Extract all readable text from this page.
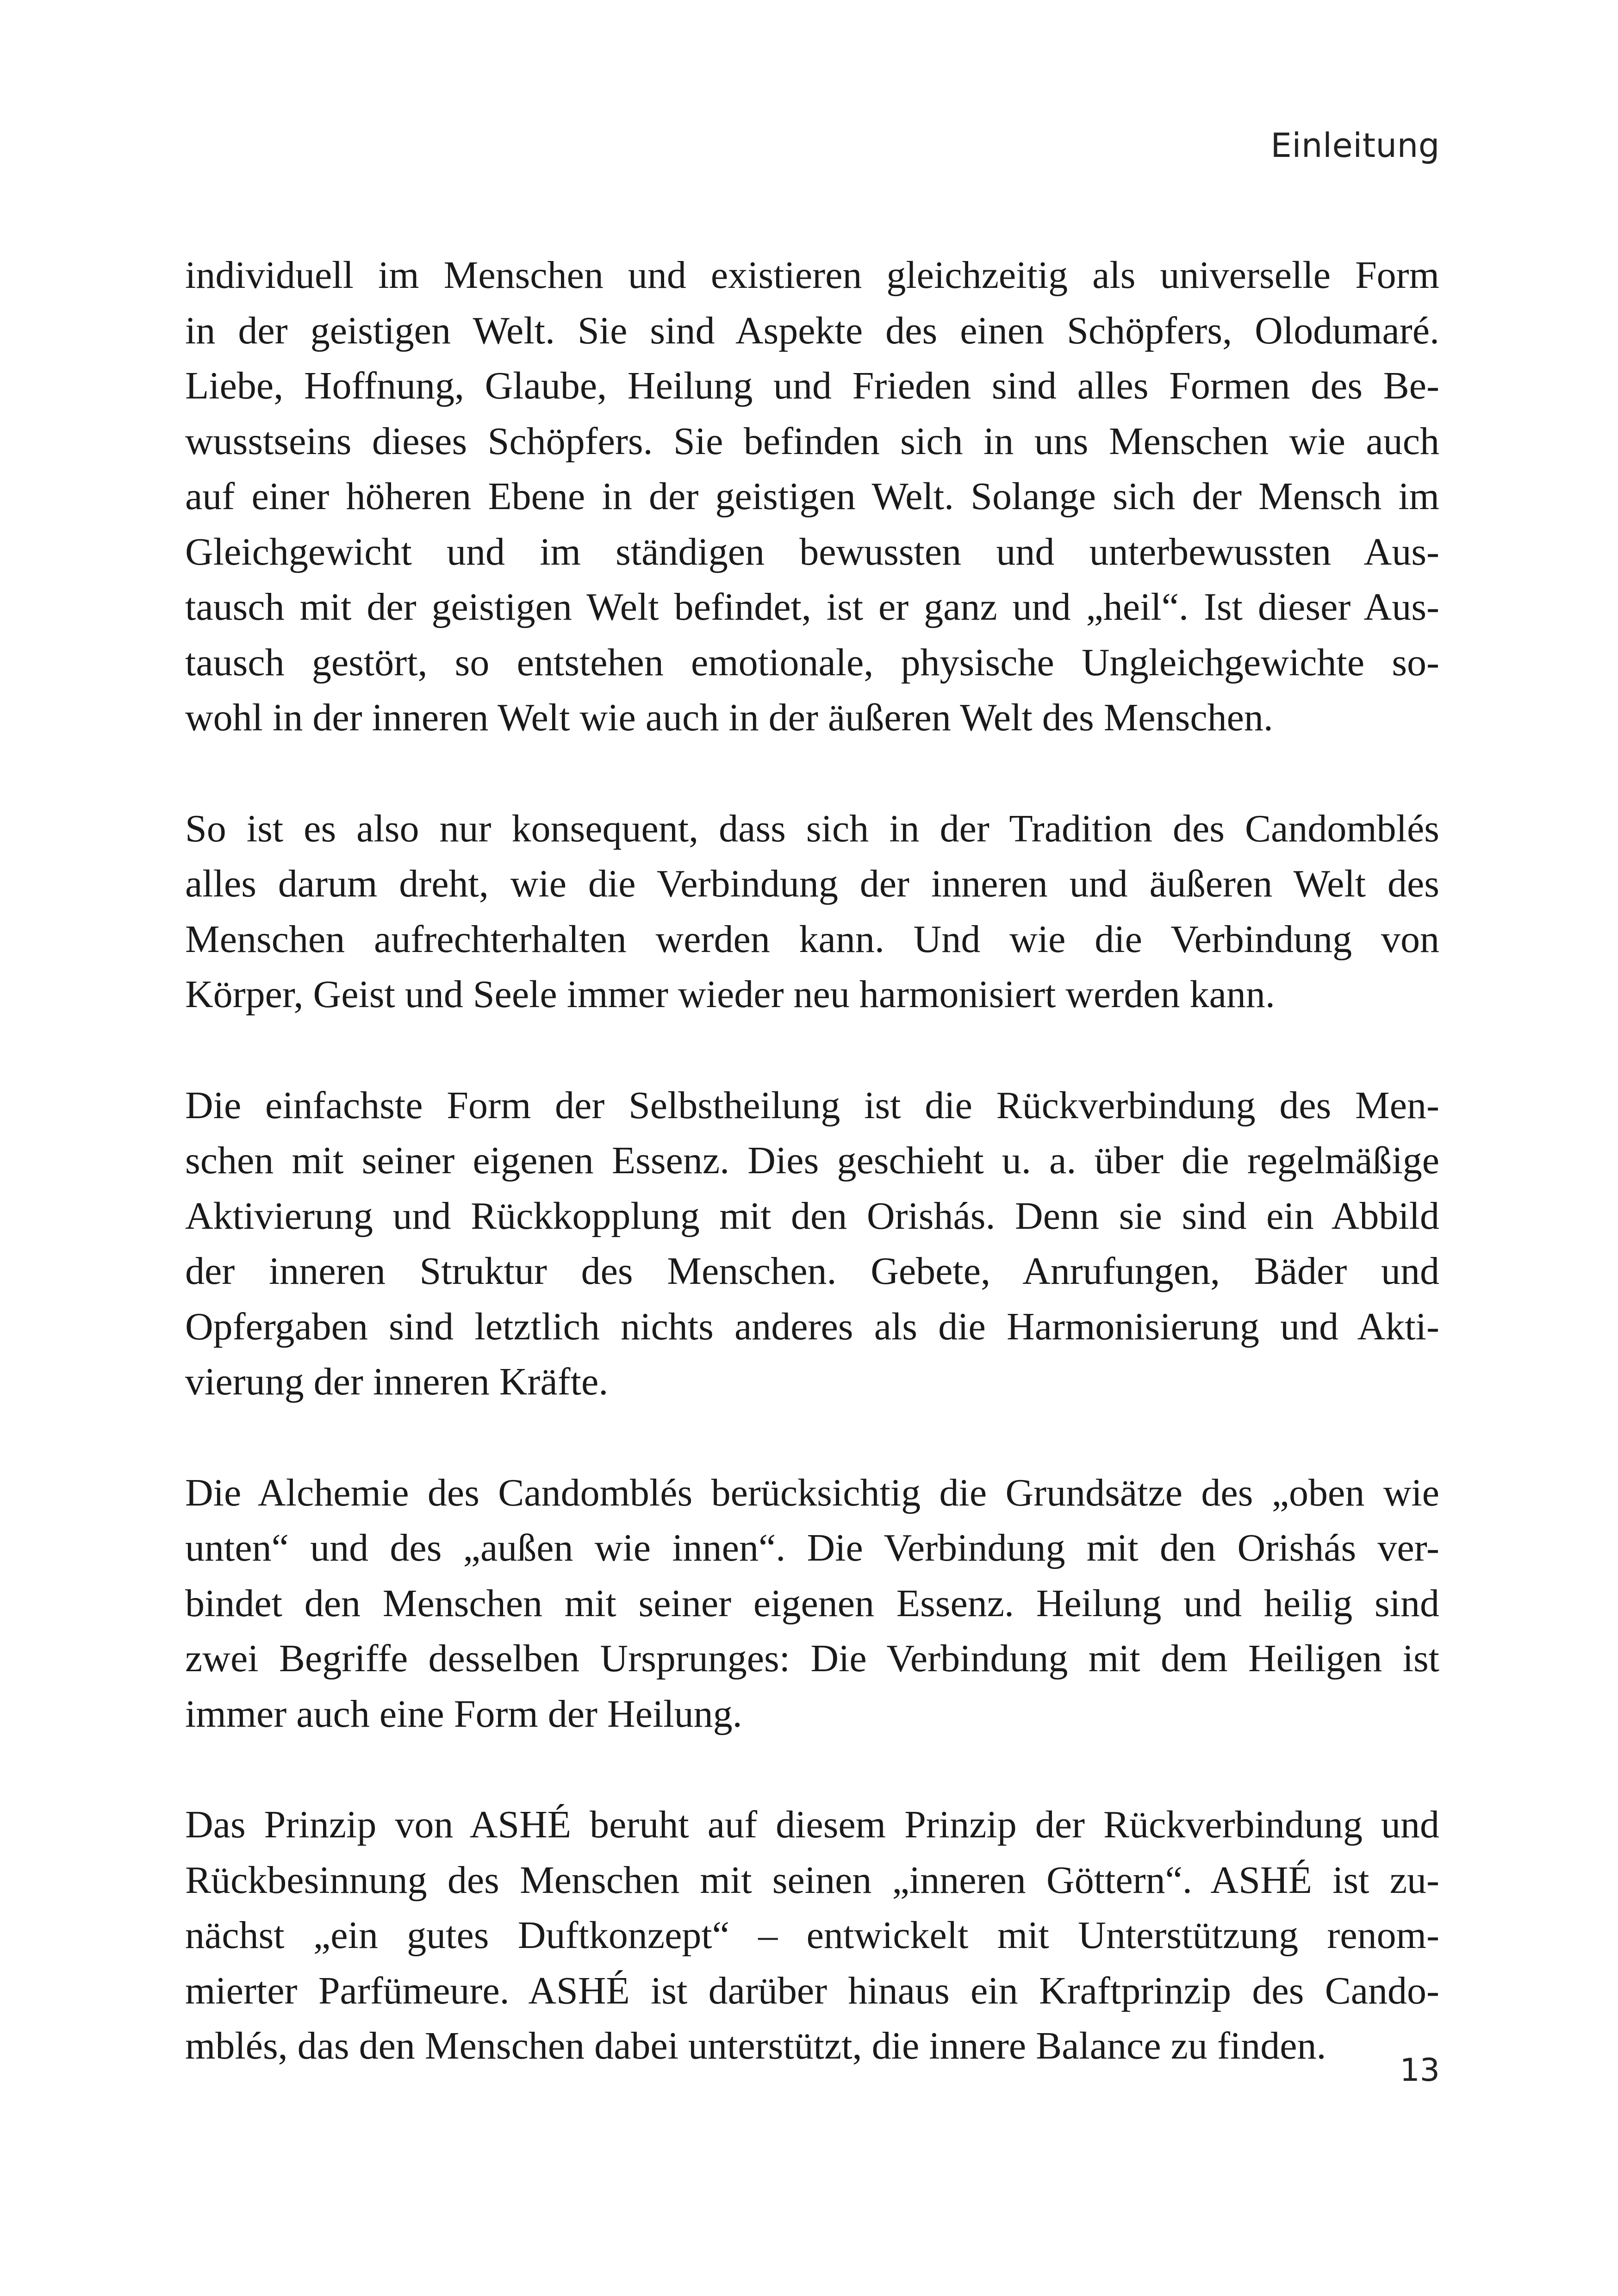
Einleitung

individuell im Menschen und existieren gleichzeitig als universelle Form
in der geistigen Welt. Sie sind Aspekte des einen Schöpfers, Olodumaré.
Liebe, Hoffnung, Glaube, Heilung und Frieden sind alles Formen des Be-
wusstseins dieses Schöpfers. Sie befinden sich in uns Menschen wie auch
auf einer höheren Ebene in der geistigen Welt. Solange sich der Mensch im
Gleichgewicht und im ständigen bewussten und unterbewussten Aus-
tausch mit der geistigen Welt befindet, ist er ganz und „heil“. Ist dieser Aus-
tausch gestört, so entstehen emotionale, physische Ungleichgewichte so-
wohl in der inneren Welt wie auch in der äußeren Welt des Menschen.

So ist es also nur konsequent, dass sich in der Tradition des Candomblés
alles darum dreht, wie die Verbindung der inneren und äußeren Welt des
Menschen aufrechterhalten werden kann. Und wie die Verbindung von
Körper, Geist und Seele immer wieder neu harmonisiert werden kann.

Die einfachste Form der Selbstheilung ist die Rückverbindung des Men-
schen mit seiner eigenen Essenz. Dies geschieht u. a. über die regelmäßige
Aktivierung und Rückkopplung mit den Orishás. Denn sie sind ein Abbild
der inneren Struktur des Menschen. Gebete, Anrufungen, Bäder und
Opfergaben sind letztlich nichts anderes als die Harmonisierung und Akti-
vierung der inneren Kräfte.

Die Alchemie des Candomblés berücksichtig die Grundsätze des „oben wie
unten“ und des „außen wie innen“. Die Verbindung mit den Orishás ver-
bindet den Menschen mit seiner eigenen Essenz. Heilung und heilig sind
zwei Begriffe desselben Ursprunges: Die Verbindung mit dem Heiligen ist
immer auch eine Form der Heilung.

Das Prinzip von ASHÉ beruht auf diesem Prinzip der Rückverbindung und
Rückbesinnung des Menschen mit seinen „inneren Göttern“. ASHÉ ist zu-
nächst „ein gutes Duftkonzept“ – entwickelt mit Unterstützung renom-
mierter Parfümeure. ASHÉ ist darüber hinaus ein Kraftprinzip des Cando-
mblés, das den Menschen dabei unterstützt, die innere Balance zu finden.

13
